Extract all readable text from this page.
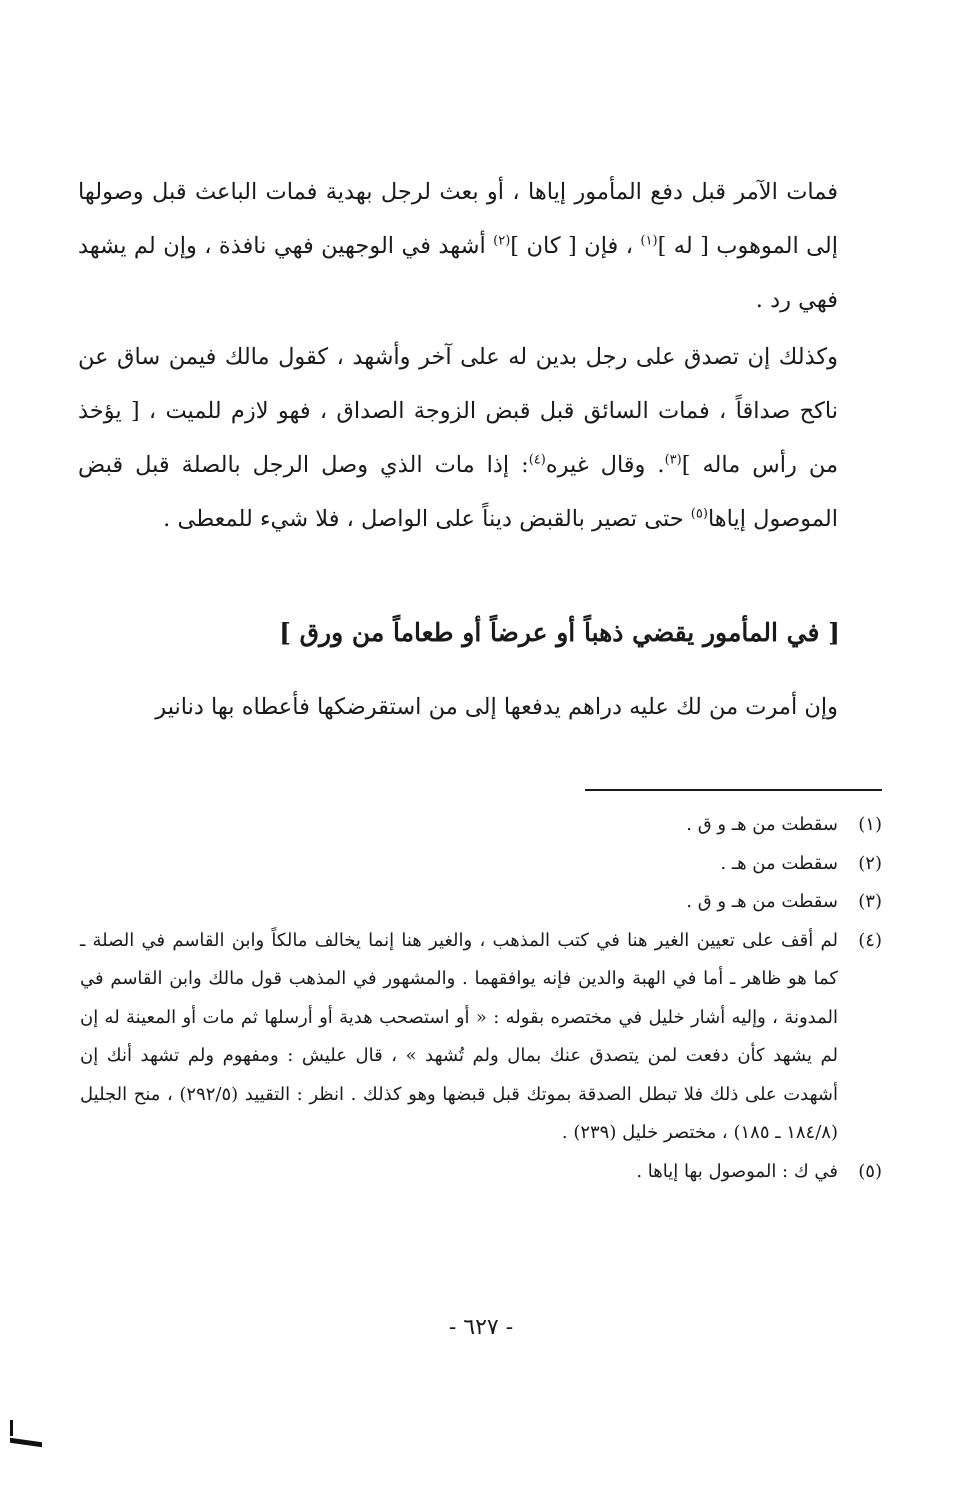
فمات الآمر قبل دفع المأمور إياها ، أو بعث لرجل بهدية فمات الباعث قبل وصولها إلى الموهوب [ له ]$^{(١)}$ ، فإن [ كان ]$^{(٢)}$ أشهد في الوجهين فهي نافذة ، وإن لم يشهد فهي رد .
وكذلك إن تصدق على رجل بدين له على آخر وأشهد ، كقول مالك فيمن ساق عن ناكح صداقاً ، فمات السائق قبل قبض الزوجة الصداق ، فهو لازم للميت ، [ يؤخذ من رأس ماله ]$^{(٣)}$. وقال غيره$^{(٤)}$: إذا مات الذي وصل الرجل بالصلة قبل قبض الموصول إياها$^{(٥)}$ حتى تصير بالقبض ديناً على الواصل ، فلا شيء للمعطى .
[ في المأمور يقضي ذهباً أو عرضاً أو طعاماً من ورق ]
وإن أمرت من لك عليه دراهم يدفعها إلى من استقرضكها فأعطاه بها دنانير
(١)
سقطت من هـ و ق .
(٢)
سقطت من هـ .
(٣)
سقطت من هـ و ق .
(٤)
لم أقف على تعيين الغير هنا في كتب المذهب ، والغير هنا إنما يخالف مالكاً وابن القاسم في الصلة ـ كما هو ظاهر ـ أما في الهبة والدين فإنه يوافقهما . والمشهور في المذهب قول مالك وابن القاسم في المدونة ، وإليه أشار خليل في مختصره بقوله : « أو استصحب هدية أو أرسلها ثم مات أو المعينة له إن لم يشهد كأن دفعت لمن يتصدق عنك بمال ولم تُشهد » ، قال عليش : ومفهوم ولم تشهد أنك إن أشهدت على ذلك فلا تبطل الصدقة بموتك قبل قبضها وهو كذلك . انظر : التقييد (٢٩٢/٥) ، منح الجليل (١٨٤/٨ ـ ١٨٥) ، مختصر خليل (٢٣٩) .
(٥)
في ك : الموصول بها إياها .
- ٦٢٧ -
